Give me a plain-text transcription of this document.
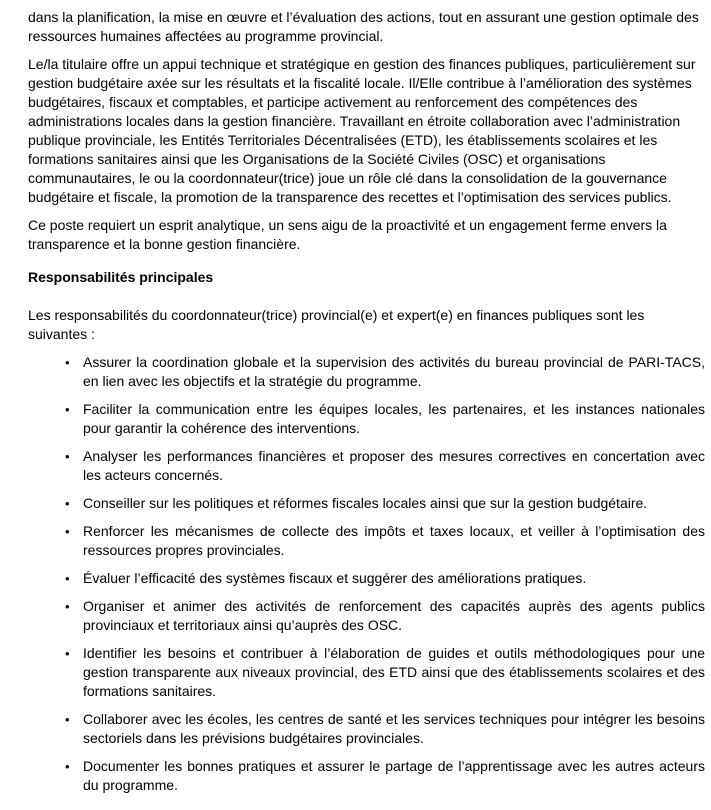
dans la planification, la mise en œuvre et l’évaluation des actions, tout en assurant une gestion optimale des ressources humaines affectées au programme provincial.

Le/la titulaire offre un appui technique et stratégique en gestion des finances publiques, particulièrement sur gestion budgétaire axée sur les résultats et la fiscalité locale. Il/Elle contribue à l’amélioration des systèmes budgétaires, fiscaux et comptables, et participe activement au renforcement des compétences des administrations locales dans la gestion financière. Travaillant en étroite collaboration avec l’administration publique provinciale, les Entités Territoriales Décentralisées (ETD), les établissements scolaires et les formations sanitaires ainsi que les Organisations de la Société Civiles (OSC) et organisations communautaires, le ou la coordonnateur(trice) joue un rôle clé dans la consolidation de la gouvernance budgétaire et fiscale, la promotion de la transparence des recettes et l’optimisation des services publics.

Ce poste requiert un esprit analytique, un sens aigu de la proactivité et un engagement ferme envers la transparence et la bonne gestion financière.

Responsabilités principales

Les responsabilités du coordonnateur(trice) provincial(e) et expert(e) en finances publiques sont les suivantes :

• Assurer la coordination globale et la supervision des activités du bureau provincial de PARI-TACS, en lien avec les objectifs et la stratégie du programme.
• Faciliter la communication entre les équipes locales, les partenaires, et les instances nationales pour garantir la cohérence des interventions.
• Analyser les performances financières et proposer des mesures correctives en concertation avec les acteurs concernés.
• Conseiller sur les politiques et réformes fiscales locales ainsi que sur la gestion budgétaire.
• Renforcer les mécanismes de collecte des impôts et taxes locaux, et veiller à l’optimisation des ressources propres provinciales.
• Évaluer l’efficacité des systèmes fiscaux et suggérer des améliorations pratiques.
• Organiser et animer des activités de renforcement des capacités auprès des agents publics provinciaux et territoriaux ainsi qu’auprès des OSC.
• Identifier les besoins et contribuer à l’élaboration de guides et outils méthodologiques pour une gestion transparente aux niveaux provincial, des ETD ainsi que des établissements scolaires et des formations sanitaires.
• Collaborer avec les écoles, les centres de santé et les services techniques pour intégrer les besoins sectoriels dans les prévisions budgétaires provinciales.
• Documenter les bonnes pratiques et assurer le partage de l’apprentissage avec les autres acteurs du programme.
